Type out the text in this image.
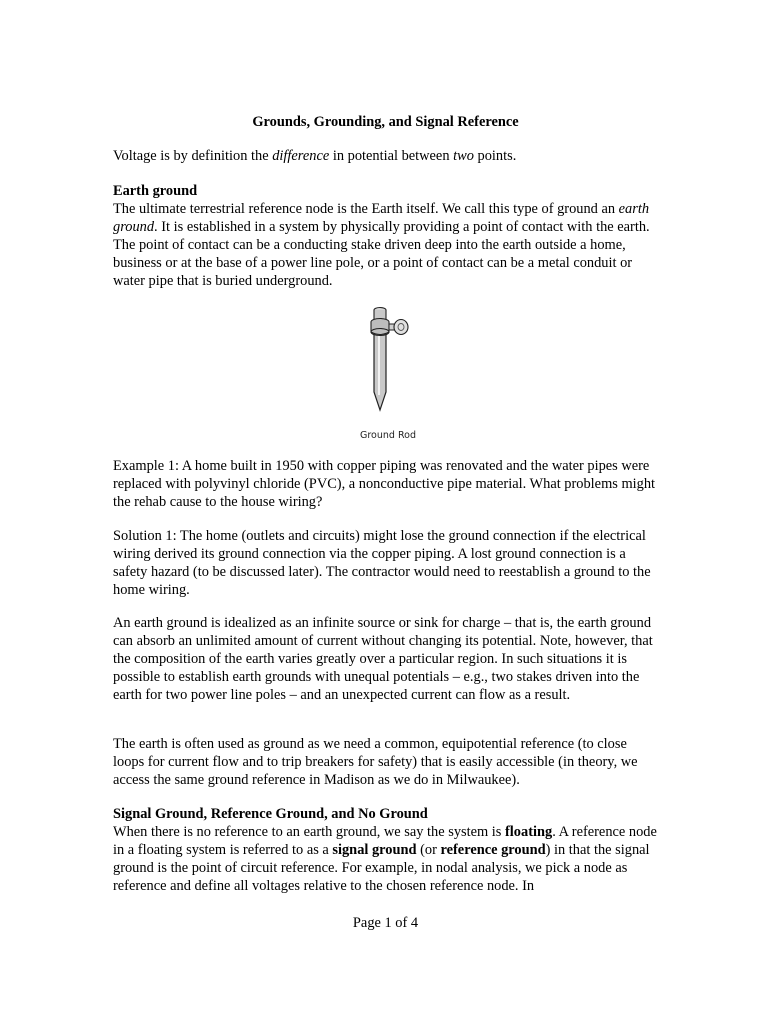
Grounds, Grounding, and Signal Reference

Voltage is by definition the difference in potential between two points.

Earth ground
The ultimate terrestrial reference node is the Earth itself. We call this type of ground an earth ground. It is established in a system by physically providing a point of contact with the earth. The point of contact can be a conducting stake driven deep into the earth outside a home, business or at the base of a power line pole, or a point of contact can be a metal conduit or water pipe that is buried underground.

Ground Rod

Example 1: A home built in 1950 with copper piping was renovated and the water pipes were replaced with polyvinyl chloride (PVC), a nonconductive pipe material. What problems might the rehab cause to the house wiring?

Solution 1: The home (outlets and circuits) might lose the ground connection if the electrical wiring derived its ground connection via the copper piping. A lost ground connection is a safety hazard (to be discussed later). The contractor would need to reestablish a ground to the home wiring.

An earth ground is idealized as an infinite source or sink for charge – that is, the earth ground can absorb an unlimited amount of current without changing its potential. Note, however, that the composition of the earth varies greatly over a particular region. In such situations it is possible to establish earth grounds with unequal potentials – e.g., two stakes driven into the earth for two power line poles – and an unexpected current can flow as a result.

The earth is often used as ground as we need a common, equipotential reference (to close loops for current flow and to trip breakers for safety) that is easily accessible (in theory, we access the same ground reference in Madison as we do in Milwaukee).

Signal Ground, Reference Ground, and No Ground
When there is no reference to an earth ground, we say the system is floating. A reference node in a floating system is referred to as a signal ground (or reference ground) in that the signal ground is the point of circuit reference. For example, in nodal analysis, we pick a node as reference and define all voltages relative to the chosen reference node. In

Page 1 of 4
